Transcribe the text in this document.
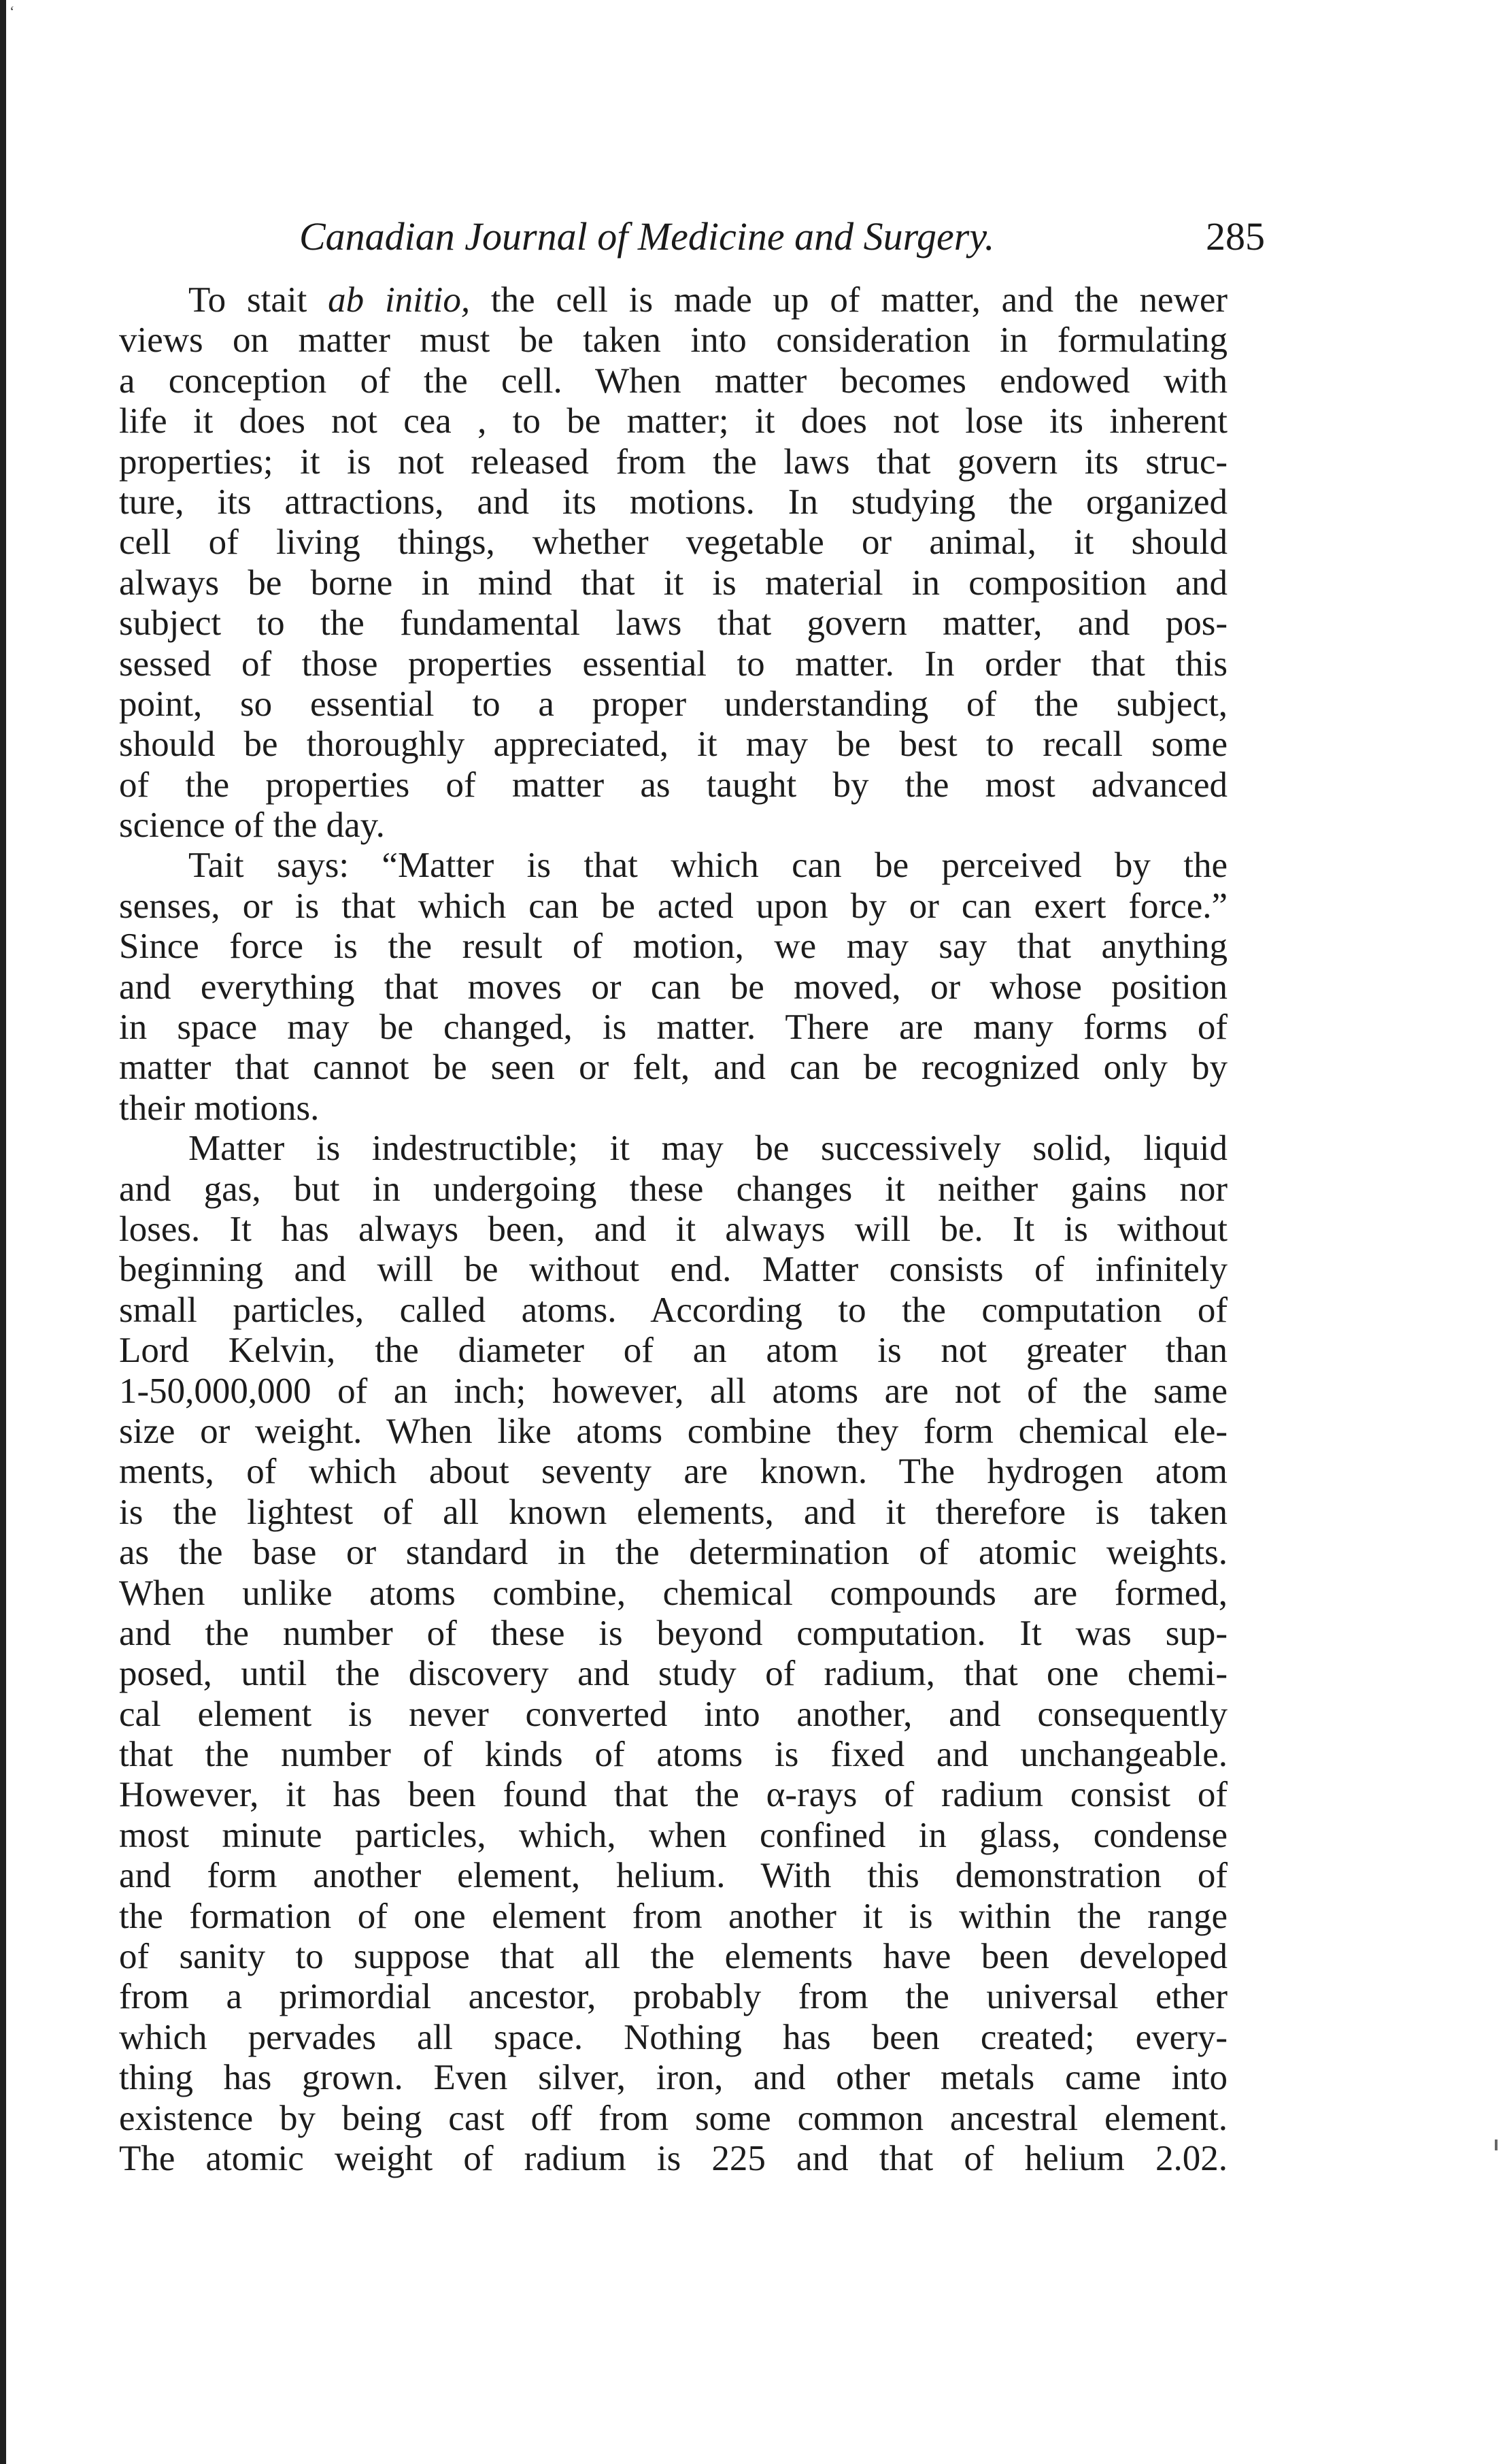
‘
Canadian Journal of Medicine and Surgery.	285
To stait ab initio, the cell is made up of matter, and the newer
views on matter must be taken into consideration in formulating
a conception of the cell. When matter becomes endowed with
life it does not cea , to be matter; it does not lose its inherent
properties; it is not released from the laws that govern its struc-
ture, its attractions, and its motions. In studying the organized
cell of living things, whether vegetable or animal, it should
always be borne in mind that it is material in composition and
subject to the fundamental laws that govern matter, and pos-
sessed of those properties essential to matter. In order that this
point, so essential to a proper understanding of the subject,
should be thoroughly appreciated, it may be best to recall some
of the properties of matter as taught by the most advanced
science of the day.
Tait says: “Matter is that which can be perceived by the
senses, or is that which can be acted upon by or can exert force.”
Since force is the result of motion, we may say that anything
and everything that moves or can be moved, or whose position
in space may be changed, is matter. There are many forms of
matter that cannot be seen or felt, and can be recognized only by
their motions.
Matter is indestructible; it may be successively solid, liquid
and gas, but in undergoing these changes it neither gains nor
loses. It has always been, and it always will be. It is without
beginning and will be without end. Matter consists of infinitely
small particles, called atoms. According to the computation of
Lord Kelvin, the diameter of an atom is not greater than
1-50,000,000 of an inch; however, all atoms are not of the same
size or weight. When like atoms combine they form chemical ele-
ments, of which about seventy are known. The hydrogen atom
is the lightest of all known elements, and it therefore is taken
as the base or standard in the determination of atomic weights.
When unlike atoms combine, chemical compounds are formed,
and the number of these is beyond computation. It was sup-
posed, until the discovery and study of radium, that one chemi-
cal element is never converted into another, and consequently
that the number of kinds of atoms is fixed and unchangeable.
However, it has been found that the α-rays of radium consist of
most minute particles, which, when confined in glass, condense
and form another element, helium. With this demonstration of
the formation of one element from another it is within the range
of sanity to suppose that all the elements have been developed
from a primordial ancestor, probably from the universal ether
which pervades all space. Nothing has been created; every-
thing has grown. Even silver, iron, and other metals came into
existence by being cast off from some common ancestral element.
The atomic weight of radium is 225 and that of helium 2.02.
